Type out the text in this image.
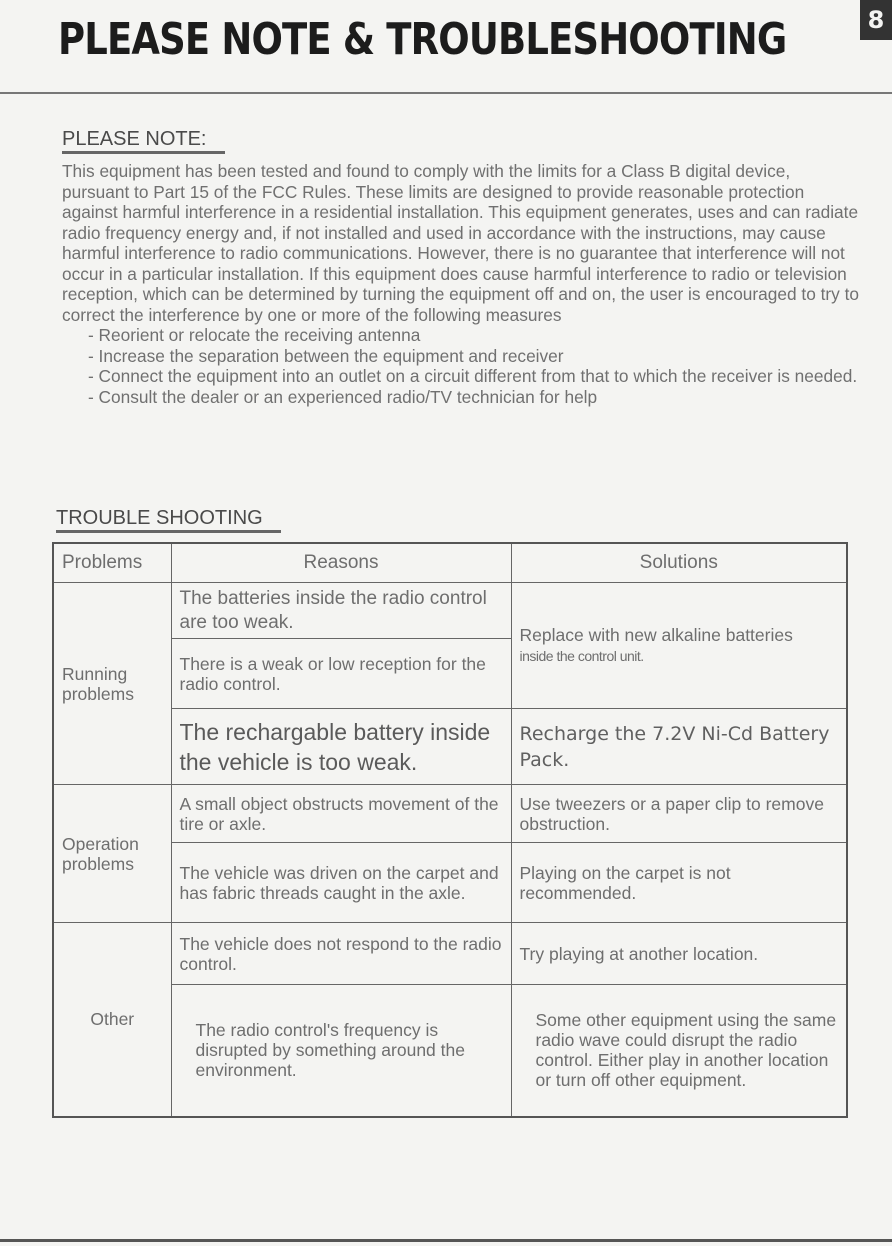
PLEASE NOTE & TROUBLESHOOTING	8
PLEASE NOTE:

This equipment has been tested and found to comply with the limits for a Class B digital device, pursuant to Part 15 of the FCC Rules. These limits are designed to provide reasonable protection against harmful interference in a residential installation. This equipment generates, uses and can radiate radio frequency energy and, if not installed and used in accordance with the instructions, may cause harmful interference to radio communications. However, there is no guarantee that interference will not occur in a particular installation. If this equipment does cause harmful interference to radio or television reception, which can be determined by turning the equipment off and on, the user is encouraged to try to correct the interference by one or more of the following measures

- Reorient or relocate the receiving antenna
- Increase the separation between the equipment and receiver
- Connect the equipment into an outlet on a circuit different from that to which the receiver is needed.
- Consult the dealer or an experienced radio/TV technician for help
TROUBLE SHOOTING
Problems	Reasons	Solutions
Running problems	The batteries inside the radio control are too weak.	Replace with new alkaline batteries inside the control unit.
	There is a weak or low reception for the radio control.	
	The rechargable battery inside the vehicle is too weak.	Recharge the 7.2V Ni-Cd Battery Pack.
Operation problems	A small object obstructs movement of the tire or axle.	Use tweezers or a paper clip to remove obstruction.
	The vehicle was driven on the carpet and has fabric threads caught in the axle.	Playing on the carpet is not recommended.
Other	The vehicle does not respond to the radio control.	Try playing at another location.
	The radio control's frequency is disrupted by something around the environment.	Some other equipment using the same radio wave could disrupt the radio control. Either play in another location or turn off other equipment.
